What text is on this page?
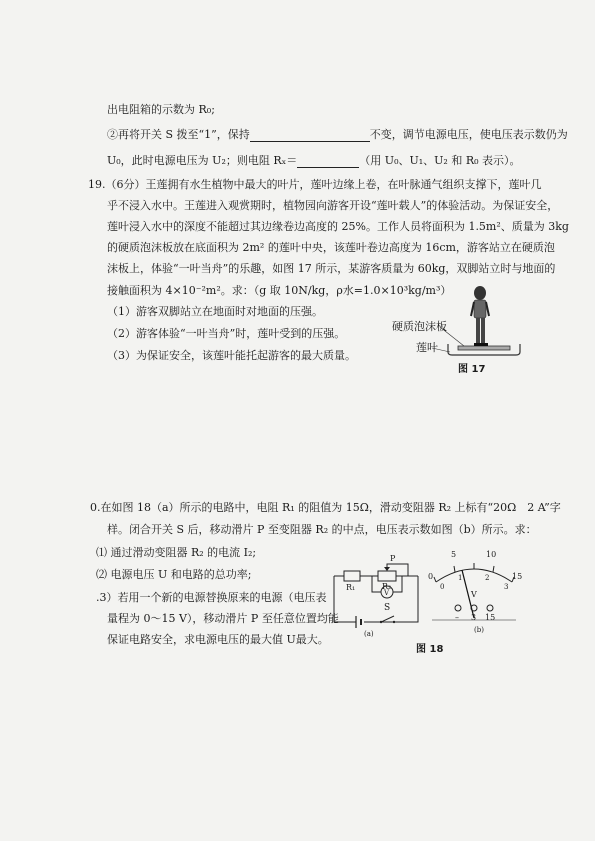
出电阻箱的示数为 R₀;
②再将开关 S 拨至“1”，保持	不变，调节电源电压，使电压表示数仍为
U₀，此时电源电压为 U₂；则电阻 Rₓ＝	（用 U₀、U₁、U₂ 和 R₀ 表示）。
19.（6分）王莲拥有水生植物中最大的叶片，莲叶边缘上卷，在叶脉通气组织支撑下，莲叶几
乎不浸入水中。王莲进入观赏期时，植物园向游客开设“莲叶载人”的体验活动。为保证安全，
莲叶浸入水中的深度不能超过其边缘卷边高度的 25%。工作人员将面积为 1.5m²、质量为 3kg
的硬质泡沫板放在底面积为 2m² 的莲叶中央，该莲叶卷边高度为 16cm，游客站立在硬质泡
沫板上，体验“一叶当舟”的乐趣，如图 17 所示，某游客质量为 60kg，双脚站立时与地面的
接触面积为 4×10⁻²m²。求：（g 取 10N/kg，ρ水=1.0×10³kg/m³）
（1）游客双脚站立在地面时对地面的压强。
（2）游客体验“一叶当舟”时，莲叶受到的压强。
（3）为保证安全，该莲叶能托起游客的最大质量。
硬质泡沫板
莲叶
图 17
0.在如图 18（a）所示的电路中，电阻 R₁ 的阻值为 15Ω，滑动变阻器 R₂ 上标有“20Ω　2 A”字
样。闭合开关 S 后，移动滑片 P 至变阻器 R₂ 的中点，电压表示数如图（b）所示。求：
⑴ 通过滑动变阻器 R₂ 的电流 I₂;
⑵ 电源电压 U 和电路的总功率;
.3）若用一个新的电源替换原来的电源（电压表
量程为 0～15 V），移动滑片 P 至任意位置均能
保证电路安全，求电源电压的最大值 U最大。
P
R₁	R₂
V
S
(a)
0
5	10
15
0
1	2
3
V
– 3 15
(b)
图 18
